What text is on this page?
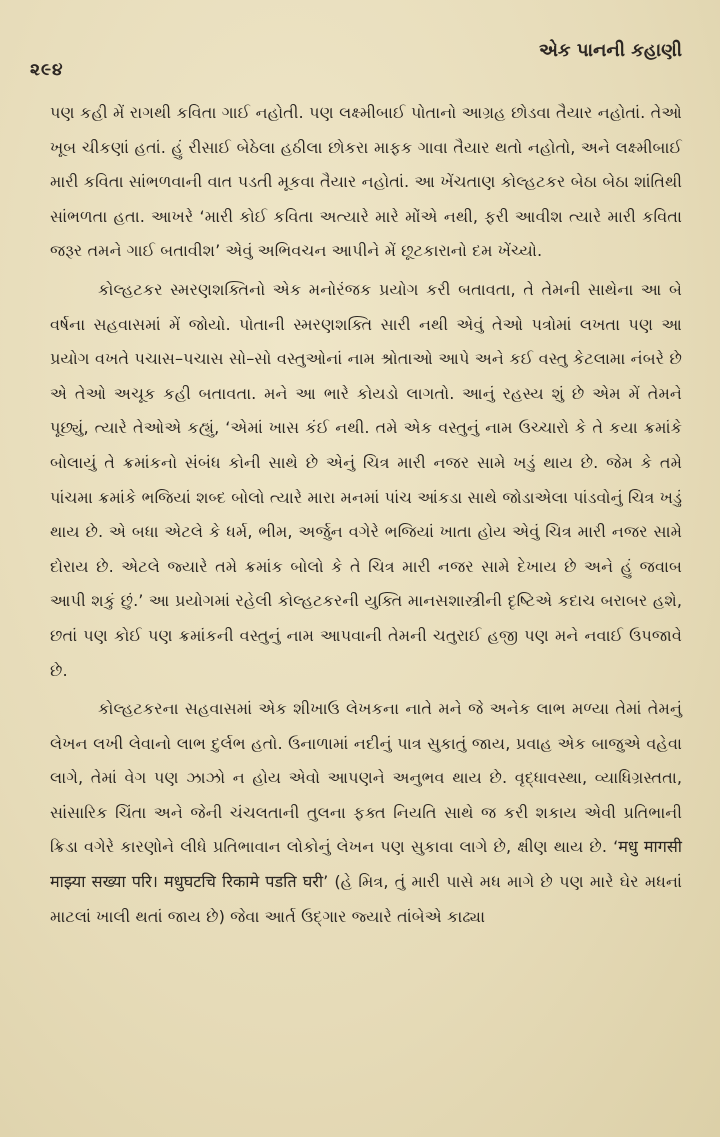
૨૯૪
એક પાનની કહાણી

પણ કહી મેં રાગથી કવિતા ગાઈ નહોતી. પણ લક્ષ્મીબાઈ પોતાનો આગ્રહ છોડવા તૈયાર નહોતાં. તેઓ ખૂબ ચીકણાં હતાં. હું રીસાઈ બેઠેલા હઠીલા છોકરા માફક ગાવા તૈયાર થતો નહોતો, અને લક્ષ્મીબાઈ મારી કવિતા સાંભળવાની વાત પડતી મૂકવા તૈયાર નહોતાં. આ ખેંચતાણ કોલ્હટકર બેઠા બેઠા શાંતિથી સાંભળતા હતા. આખરે ‘મારી કોઈ કવિતા અત્યારે મારે મોંએ નથી, ફરી આવીશ ત્યારે મારી કવિતા જરૂર તમને ગાઈ બતાવીશ’ એવું અભિવચન આપીને મેં છૂટકારાનો દમ ખેંચ્યો.

કોલ્હટકર સ્મરણશક્તિનો એક મનોરંજક પ્રયોગ કરી બતાવતા, તે તેમની સાથેના આ બે વર્ષના સહવાસમાં મેં જોયો. પોતાની સ્મરણશક્તિ સારી નથી એવું તેઓ પત્રોમાં લખતા પણ આ પ્રયોગ વખતે પચાસ–પચાસ સો–સો વસ્તુઓનાં નામ શ્રોતાઓ આપે અને કઈ વસ્તુ કેટલામા નંબરે છે એ તેઓ અચૂક કહી બતાવતા. મને આ ભારે કોયડો લાગતો. આનું રહસ્ય શું છે એમ મેં તેમને પૂછ્યું, ત્યારે તેઓએ કહ્યું, ‘એમાં ખાસ કંઈ નથી. તમે એક વસ્તુનું નામ ઉચ્ચારો કે તે કયા ક્રમાંકે બોલાયું તે ક્રમાંકનો સંબંધ કોની સાથે છે એનું ચિત્ર મારી નજર સામે ખડું થાય છે. જેમ કે તમે પાંચમા ક્રમાંકે ભજિયાં શબ્દ બોલો ત્યારે મારા મનમાં પાંચ આંકડા સાથે જોડાએલા પાંડવોનું ચિત્ર ખડું થાય છે. એ બધા એટલે કે ધર્મ, ભીમ, અર્જુન વગેરે ભજિયાં ખાતા હોય એવું ચિત્ર મારી નજર સામે દોરાય છે. એટલે જ્યારે તમે ક્રમાંક બોલો કે તે ચિત્ર મારી નજર સામે દેખાય છે અને હું જવાબ આપી શકું છું.’ આ પ્રયોગમાં રહેલી કોલ્હટકરની યુક્તિ માનસશાસ્ત્રીની દૃષ્ટિએ કદાચ બરાબર હશે, છતાં પણ કોઈ પણ ક્રમાંકની વસ્તુનું નામ આપવાની તેમની ચતુરાઈ હજી પણ મને નવાઈ ઉપજાવે છે.

કોલ્હટકરના સહવાસમાં એક શીખાઉ લેખકના નાતે મને જે અનેક લાભ મળ્યા તેમાં તેમનું લેખન લખી લેવાનો લાભ દુર્લભ હતો. ઉનાળામાં નદીનું પાત્ર સુકાતું જાય, પ્રવાહ એક બાજુએ વહેવા લાગે, તેમાં વેગ પણ ઝાઝો ન હોય એવો આપણને અનુભવ થાય છે. વૃદ્ધાવસ્થા, વ્યાધિગ્રસ્તતા, સાંસારિક ચિંતા અને જેની ચંચલતાની તુલના ફક્ત નિયતિ સાથે જ કરી શકાય એવી પ્રતિભાની ક્રિડા વગેરે કારણોને લીધે પ્રતિભાવાન લોકોનું લેખન પણ સુકાવા લાગે છે, ક્ષીણ થાય છે. ‘मधु मागसी माझ्या सख्या परि। मधुघटचि रिकामे पडति घरी’ (હે મિત્ર, તું મારી પાસે મધ માગે છે પણ મારે ઘેર મધનાં માટલાં ખાલી થતાં જાય છે) જેવા આર્ત ઉદ્ગાર જ્યારે તાંબેએ કાઢ્યા
